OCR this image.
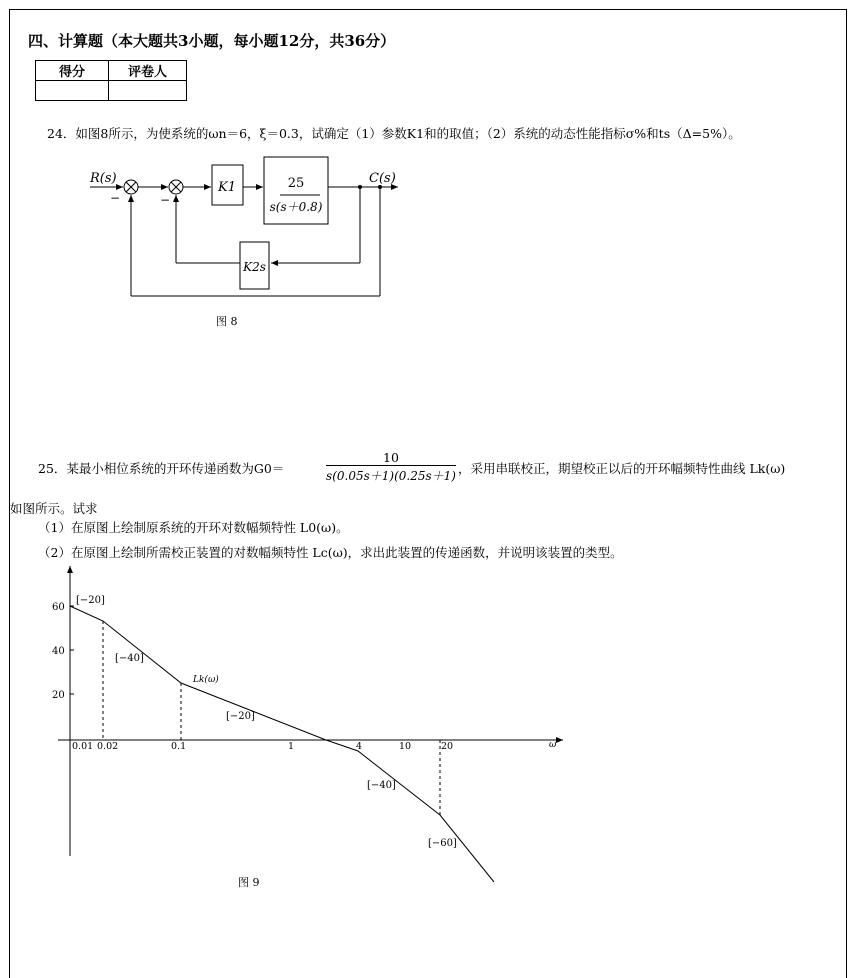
四、计算题（本大题共3小题，每小题12分，共36分）
得分	评卷人

24．如图8所示，为使系统的ωn＝6，ξ＝0.3，试确定（1）参数K1和的取值；（2）系统的动态性能指标σ%和ts（Δ=5%）。
R(s)	C(s)
−	−
K1	25
s(s＋0.8)
K2s
图 8
25．某最小相位系统的开环传递函数为G0＝	$\frac{10}{s(0.05s+1)(0.25s+1)}$ ，采用串联校正，期望校正以后的开环幅频特性曲线 Lk(ω)
如图所示。试求
（1）在原图上绘制原系统的开环对数幅频特性 L0(ω)。
（2）在原图上绘制所需校正装置的对数幅频特性 Lc(ω)，求出此装置的传递函数，并说明该装置的类型。
60
40
20
0.01 0.02	0.1	1	4	10	20
[−20]
[−40]
[−20]
[−40]
[−60]
Lk(ω)
ω
图 9
